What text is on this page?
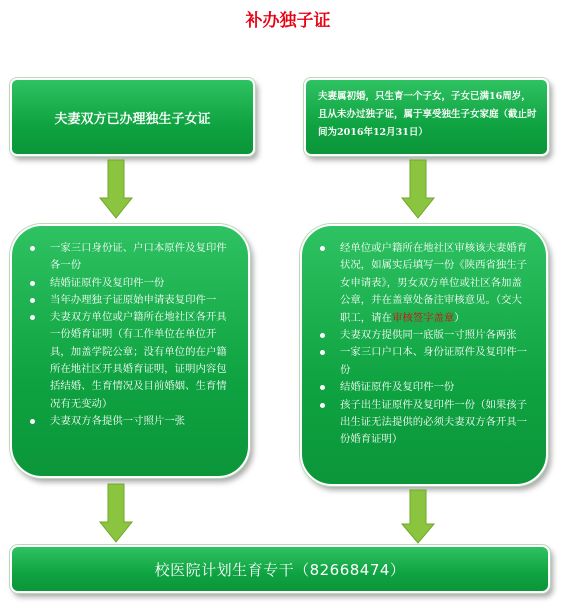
补办独子证
夫妻双方已办理独生子女证
夫妻属初婚，只生育一个子女，子女已满16周岁，且从未办过独子证，属于享受独生子女家庭（截止时间为2016年12月31日）
一家三口身份证、户口本原件及复印件各一份
结婚证原件及复印件一份
当年办理独子证原始申请表复印件一
夫妻双方单位或户籍所在地社区各开具一份婚育证明（有工作单位在单位开具，加盖学院公章；没有单位的在户籍所在地社区开具婚育证明，证明内容包括结婚、生育情况及目前婚姻、生育情况有无变动）
夫妻双方各提供一寸照片一张
经单位或户籍所在地社区审核该夫妻婚育状况，如属实后填写一份《陕西省独生子女申请表》，男女双方单位或社区各加盖公章，并在盖章处备注审核意见。（交大职工，请在审核签字盖章）
夫妻双方提供同一底版一寸照片各两张
一家三口户口本、身份证原件及复印件一份
结婚证原件及复印件一份
孩子出生证原件及复印件一份（如果孩子出生证无法提供的必须夫妻双方各开具一份婚育证明）
校医院计划生育专干（82668474）
